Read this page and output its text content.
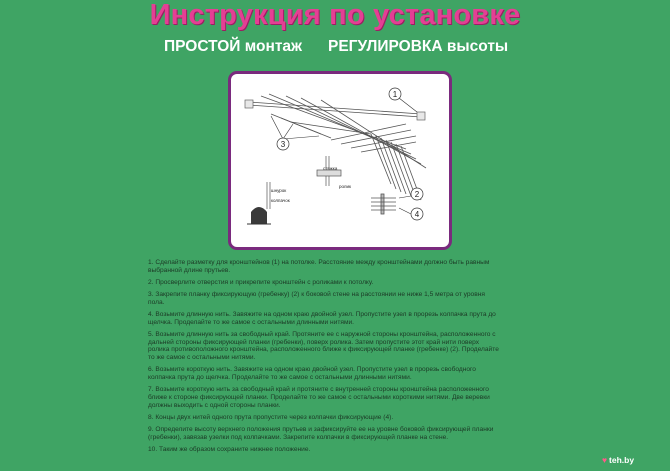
Инструкция по установке
ПРОСТОЙ монтаж РЕГУЛИРОВКА высоты
1
3
2
4
стяжка
ролик
шнурок
колпачок

1. Сделайте разметку для кронштейнов (1) на потолке. Расстояние между кронштейнами должно быть равным выбранной длине прутьев.

2. Просверлите отверстия и прикрепите кронштейн с роликами к потолку.

3. Закрепите планку фиксирующую (гребенку) (2) к боковой стене на расстоянии не ниже 1,5 метра от уровня пола.

4. Возьмите длинную нить. Завяжите на одном краю двойной узел. Пропустите узел в прорезь колпачка прута до щелчка. Проделайте то же самое с остальными длинными нитями.

5. Возьмите длинную нить за свободный край. Протяните ее с наружной стороны кронштейна, расположенного с дальней стороны фиксирующей планки (гребенки), поверх ролика. Затем пропустите этот край нити поверх ролика противоположного кронштейна, расположенного ближе к фиксирующей планке (гребенке) (2). Проделайте то же самое с остальными нитями.

6. Возьмите короткую нить. Завяжите на одном краю двойной узел. Пропустите узел в прорезь свободного колпачка прута до щелчка. Проделайте то же самое с остальными длинными нитями.

7. Возьмите короткую нить за свободный край и протяните с внутренней стороны кронштейна расположенного ближе к стороне фиксирующей планки. Проделайте то же самое с остальными короткими нитями. Две веревки должны выходить с одной стороны планки.

8. Концы двух нитей одного прута пропустите через колпачки фиксирующие (4).

9. Определите высоту верхнего положения прутьев и зафиксируйте ее на уровне боковой фиксирующей планки (гребенки), завязав узелки под колпачками. Закрепите колпачки в фиксирующей планке на стене.

10. Таким же образом сохраните нижнее положение.

♥ teh.by
